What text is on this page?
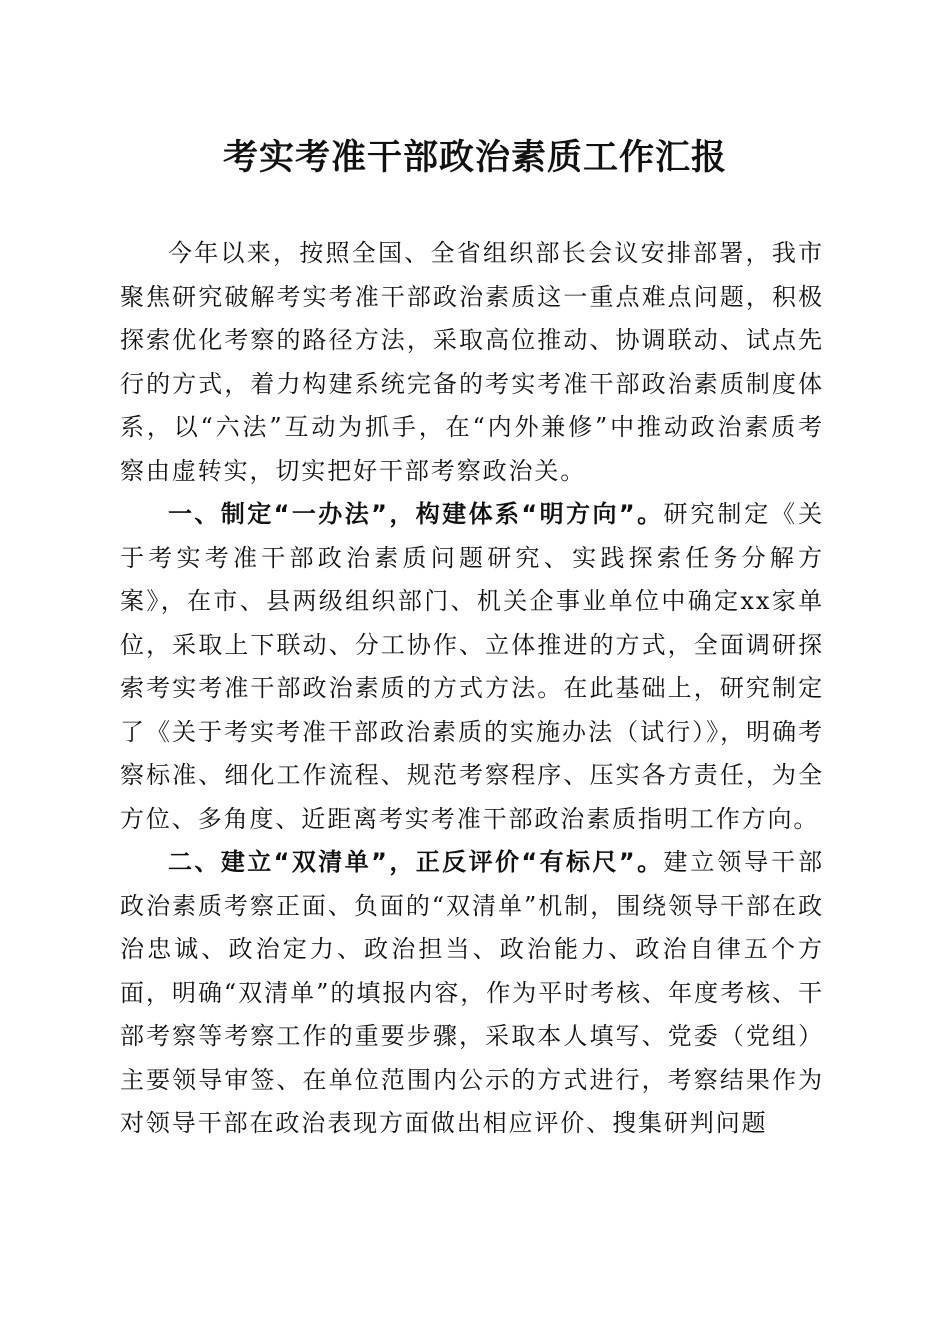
考实考准干部政治素质工作汇报

今年以来，按照全国、全省组织部长会议安排部署，我市聚焦研究破解考实考准干部政治素质这一重点难点问题，积极探索优化考察的路径方法，采取高位推动、协调联动、试点先行的方式，着力构建系统完备的考实考准干部政治素质制度体系，以“六法”互动为抓手，在“内外兼修”中推动政治素质考察由虚转实，切实把好干部考察政治关。

一、制定“一办法”，构建体系“明方向”。研究制定《关于考实考准干部政治素质问题研究、实践探索任务分解方案》，在市、县两级组织部门、机关企事业单位中确定xx家单位，采取上下联动、分工协作、立体推进的方式，全面调研探索考实考准干部政治素质的方式方法。在此基础上，研究制定了《关于考实考准干部政治素质的实施办法（试行）》，明确考察标准、细化工作流程、规范考察程序、压实各方责任，为全方位、多角度、近距离考实考准干部政治素质指明工作方向。

二、建立“双清单”，正反评价“有标尺”。建立领导干部政治素质考察正面、负面的“双清单”机制，围绕领导干部在政治忠诚、政治定力、政治担当、政治能力、政治自律五个方面，明确“双清单”的填报内容，作为平时考核、年度考核、干部考察等考察工作的重要步骤，采取本人填写、党委（党组）主要领导审签、在单位范围内公示的方式进行，考察结果作为对领导干部在政治表现方面做出相应评价、搜集研判问题
